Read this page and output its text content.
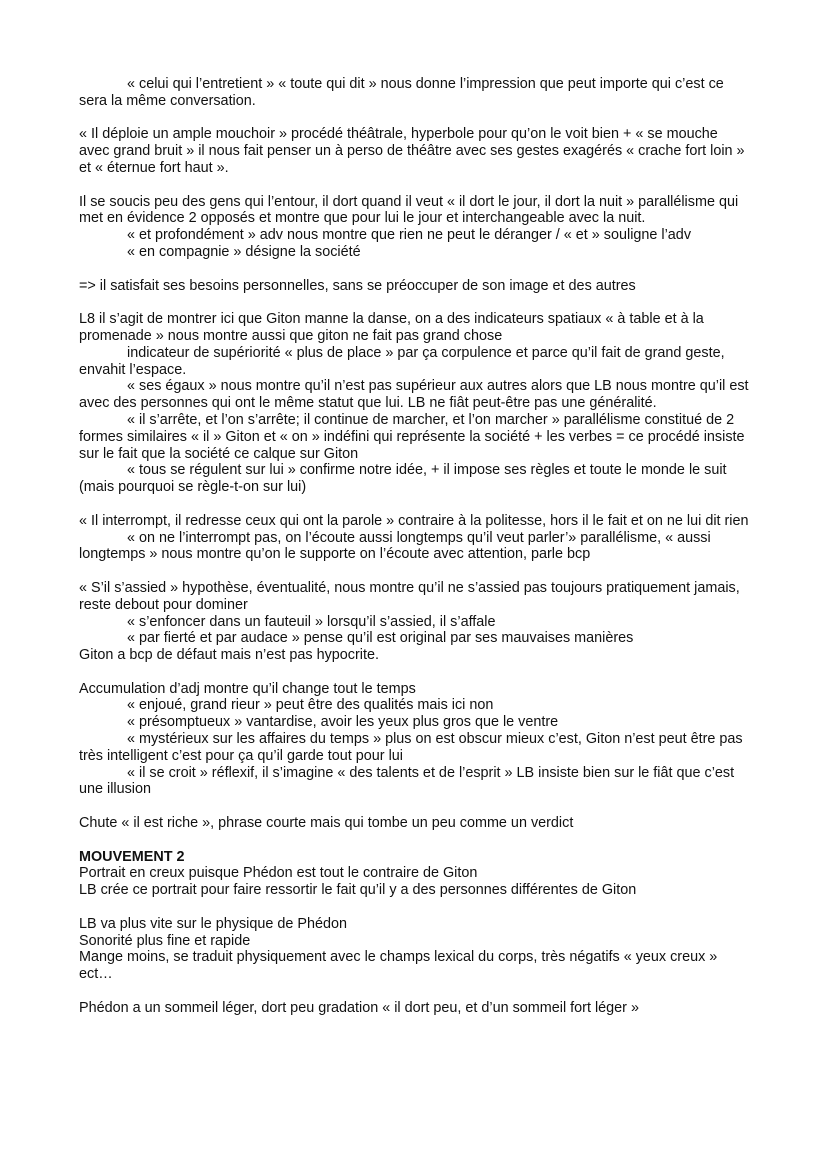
« celui qui l’entretient » « toute qui dit » nous donne l’impression que peut importe qui c’est ce sera la même conversation.

« Il déploie un ample mouchoir » procédé théâtrale, hyperbole pour qu’on le voit bien + « se mouche avec grand bruit » il nous fait penser un à perso de théâtre avec ses gestes exagérés « crache fort loin » et « éternue fort haut ».

Il se soucis peu des gens qui l’entour, il dort quand il veut « il dort le jour, il dort la nuit » parallélisme qui met en évidence 2 opposés et montre que pour lui le jour et interchangeable avec la nuit.
« et profondément » adv nous montre que rien ne peut le déranger / « et » souligne l’adv
« en compagnie » désigne la société

=> il satisfait ses besoins personnelles, sans se préoccuper de son image et des autres

L8 il s’agit de montrer ici que Giton manne la danse, on a des indicateurs spatiaux « à table et à la promenade » nous montre aussi que giton ne fait pas grand chose
indicateur de supériorité « plus de place » par ça corpulence et parce qu’il fait de grand geste, envahit l’espace.
« ses égaux » nous montre qu’il n’est pas supérieur aux autres alors que LB nous montre qu’il est avec des personnes qui ont le même statut que lui. LB ne fiât peut-être pas une généralité.
« il s’arrête, et l’on s’arrête; il continue de marcher, et l’on marcher » parallélisme constitué de 2 formes similaires « il » Giton et « on » indéfini qui représente la société + les verbes = ce procédé insiste sur le fait que la société ce calque sur Giton
« tous se régulent sur lui » confirme notre idée, + il impose ses règles et toute le monde le suit (mais pourquoi se règle-t-on sur lui)

« Il interrompt, il redresse ceux qui ont la parole » contraire à la politesse, hors il le fait et on ne lui dit rien
« on ne l’interrompt pas, on l’écoute aussi longtemps qu’il veut parler’» parallélisme, « aussi longtemps » nous montre qu’on le supporte on l’écoute avec attention, parle bcp

« S’il s’assied » hypothèse, éventualité, nous montre qu’il ne s’assied pas toujours pratiquement jamais, reste debout pour dominer
« s’enfoncer dans un fauteuil » lorsqu’il s’assied, il s’affale
« par fierté et par audace » pense qu’il est original par ses mauvaises manières
Giton a bcp de défaut mais n’est pas hypocrite.

Accumulation d’adj montre qu’il change tout le temps
« enjoué, grand rieur » peut être des qualités mais ici non
« présomptueux » vantardise, avoir les yeux plus gros que le ventre
« mystérieux sur les affaires du temps » plus on est obscur mieux c’est, Giton n’est peut être pas très intelligent c’est pour ça qu’il garde tout pour lui
« il se croit » réflexif, il s’imagine « des talents et de l’esprit » LB insiste bien sur le fiât que c’est une illusion

Chute « il est riche », phrase courte mais qui tombe un peu comme un verdict

MOUVEMENT 2
Portrait en creux puisque Phédon est tout le contraire de Giton
LB crée ce portrait pour faire ressortir le fait qu’il y a des personnes différentes de Giton

LB va plus vite sur le physique de Phédon
Sonorité plus fine et rapide
Mange moins, se traduit physiquement avec le champs lexical du corps, très négatifs « yeux creux » ect…

Phédon a un sommeil léger, dort peu gradation « il dort peu, et d’un sommeil fort léger »
